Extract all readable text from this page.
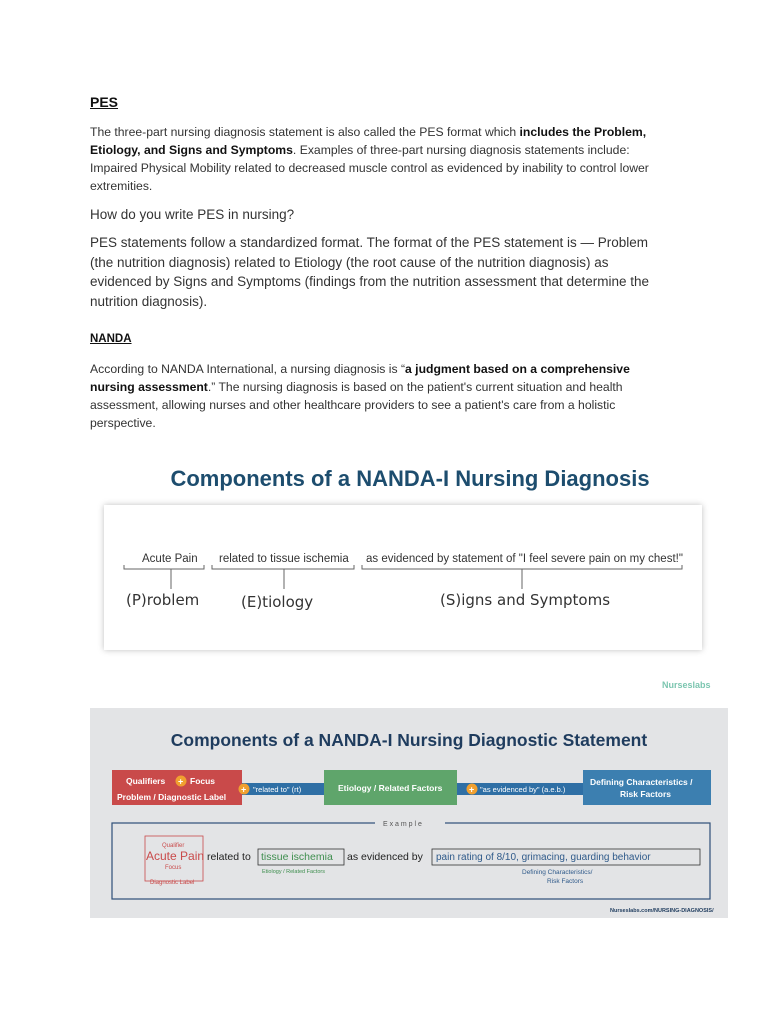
PES

The three-part nursing diagnosis statement is also called the PES format which includes the Problem, Etiology, and Signs and Symptoms. Examples of three-part nursing diagnosis statements include: Impaired Physical Mobility related to decreased muscle control as evidenced by inability to control lower extremities.

How do you write PES in nursing?

PES statements follow a standardized format. The format of the PES statement is — Problem (the nutrition diagnosis) related to Etiology (the root cause of the nutrition diagnosis) as evidenced by Signs and Symptoms (findings from the nutrition assessment that determine the nutrition diagnosis).

NANDA

According to NANDA International, a nursing diagnosis is “a judgment based on a comprehensive nursing assessment.” The nursing diagnosis is based on the patient's current situation and health assessment, allowing nurses and other healthcare providers to see a patient's care from a holistic perspective.

Components of a NANDA-I Nursing Diagnosis
Acute Pain related to tissue ischemia as evidenced by statement of "I feel severe pain on my chest!"
(P)roblem	(E)tiology	(S)igns and Symptoms
Nurseslabs
Components of a NANDA-I Nursing Diagnostic Statement
Qualifiers + Focus
Problem / Diagnostic Label
+ "related to" (rt)	Etiology / Related Factors	+ "as evidenced by" (a.e.b.)
Defining Characteristics /
Risk Factors
E x a m p l e
Qualifier
Acute Pain
Focus
Diagnostic Label
related to tissue ischemia
Etiology / Related Factors
as evidenced by pain rating of 8/10, grimacing, guarding behavior
Defining Characteristics/
Risk Factors
Nurseslabs.com/NURSING-DIAGNOSIS/
